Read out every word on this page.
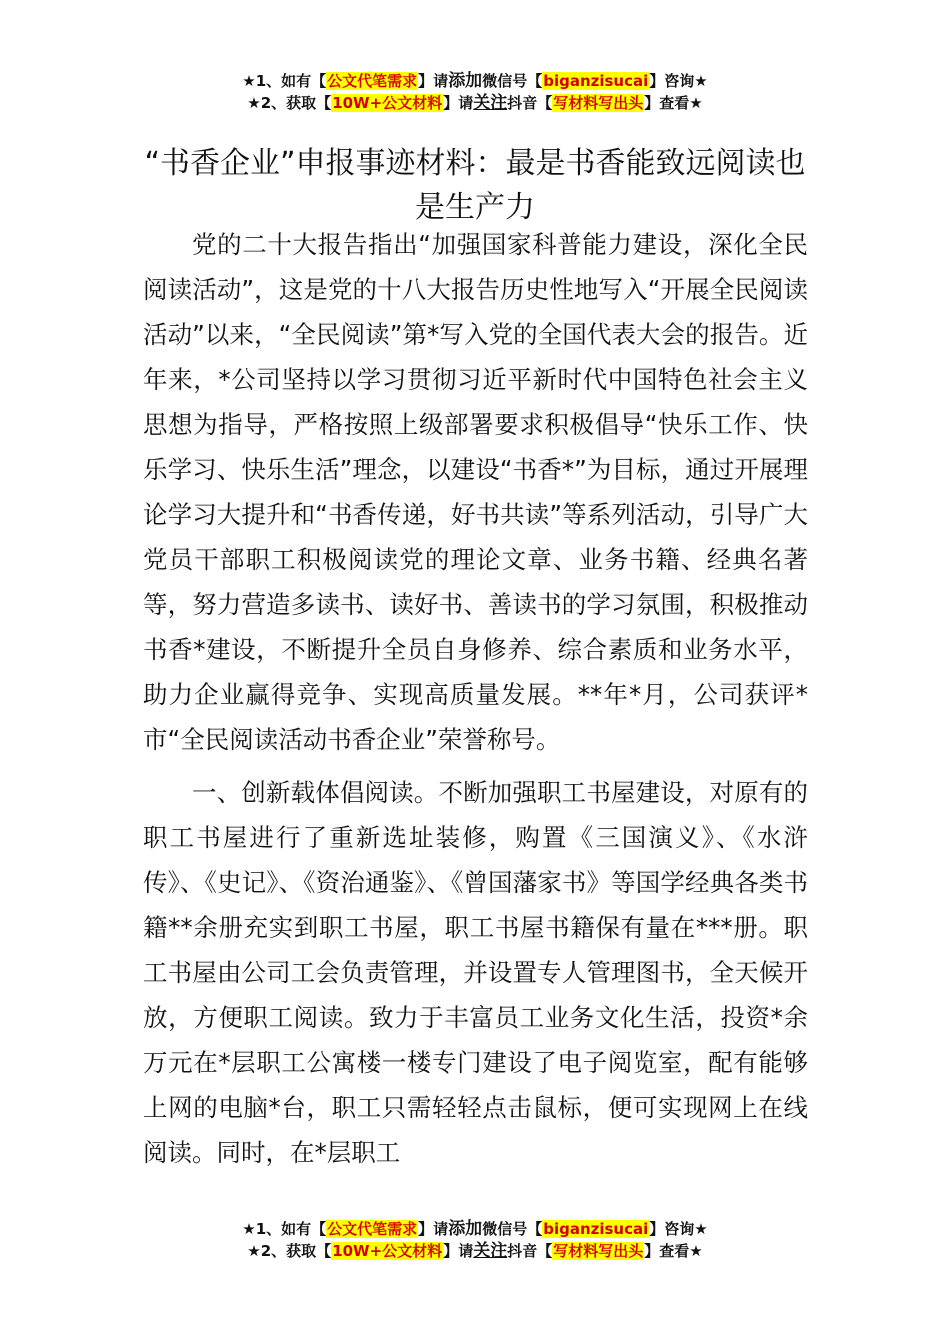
★1、如有【公文代笔需求】请添加微信号【biganzisucai】咨询★
★2、获取【10W+公文材料】请关注抖音【写材料写出头】查看★
“书香企业”申报事迹材料：最是书香能致远阅读也是生产力

党的二十大报告指出“加强国家科普能力建设，深化全民阅读活动”，这是党的十八大报告历史性地写入“开展全民阅读活动”以来，“全民阅读”第*写入党的全国代表大会的报告。近年来，*公司坚持以学习贯彻习近平新时代中国特色社会主义思想为指导，严格按照上级部署要求积极倡导“快乐工作、快乐学习、快乐生活”理念，以建设“书香*”为目标，通过开展理论学习大提升和“书香传递，好书共读”等系列活动，引导广大党员干部职工积极阅读党的理论文章、业务书籍、经典名著等，努力营造多读书、读好书、善读书的学习氛围，积极推动书香*建设，不断提升全员自身修养、综合素质和业务水平，助力企业赢得竞争、实现高质量发展。**年*月，公司获评*市“全民阅读活动书香企业”荣誉称号。

一、创新载体倡阅读。不断加强职工书屋建设，对原有的职工书屋进行了重新选址装修，购置《三国演义》、《水浒传》、《史记》、《资治通鉴》、《曾国藩家书》等国学经典各类书籍**余册充实到职工书屋，职工书屋书籍保有量在***册。职工书屋由公司工会负责管理，并设置专人管理图书，全天候开放，方便职工阅读。致力于丰富员工业务文化生活，投资*余万元在*层职工公寓楼一楼专门建设了电子阅览室，配有能够上网的电脑*台，职工只需轻轻点击鼠标，便可实现网上在线阅读。同时，在*层职工

★1、如有【公文代笔需求】请添加微信号【biganzisucai】咨询★
★2、获取【10W+公文材料】请关注抖音【写材料写出头】查看★
